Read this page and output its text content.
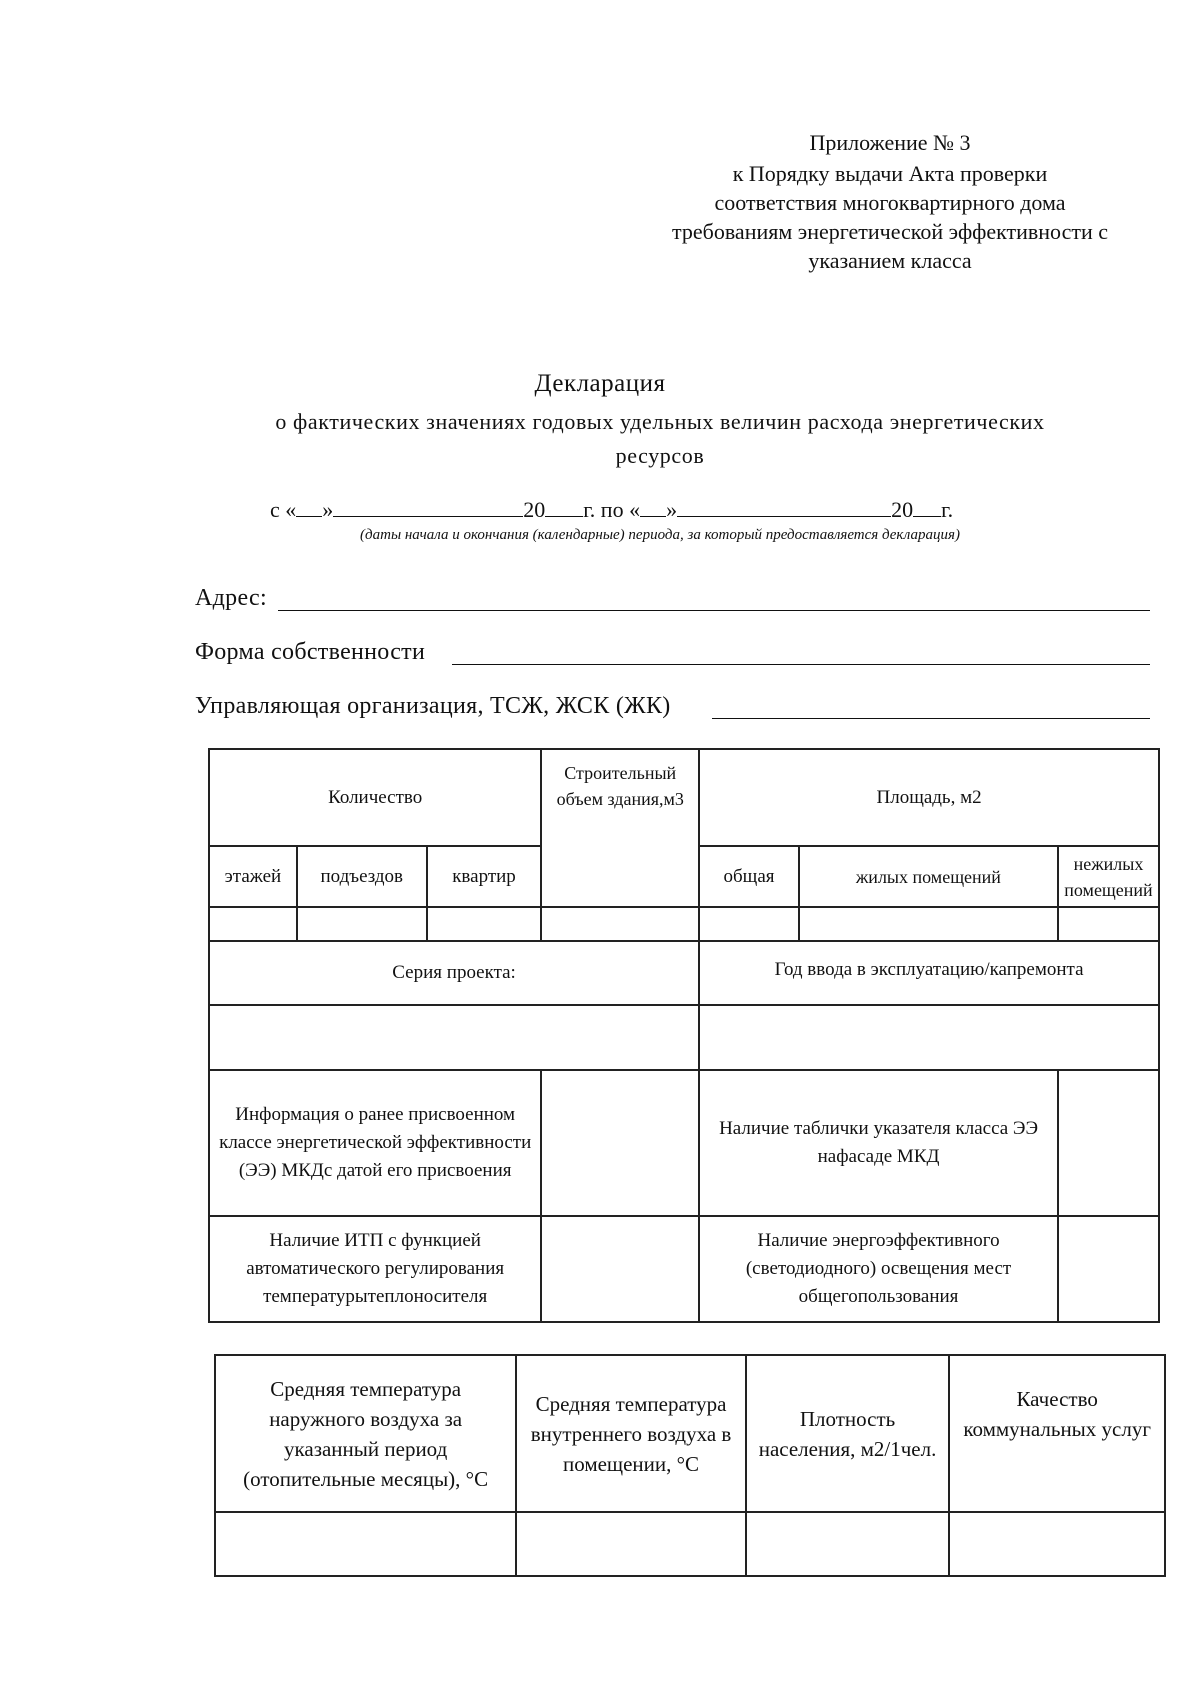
Приложение № 3
к Порядку выдачи Акта проверки
соответствия многоквартирного дома
требованиям энергетической эффективности с
указанием класса
Декларация
о фактических значениях годовых удельных величин расхода энергетических
ресурсов
с « »	20 г. по « »	20 г.
(даты начала и окончания (календарные) периода, за который предоставляется декларация)
Адрес:
Форма собственности
Управляющая организация, ТСЖ, ЖСК (ЖК)
Количество			Строительный объем здания,м3	Площадь, м2		
этажей	подъездов	квартир		общая	жилых помещений	нежилых помещений

Серия проекта:				Год ввода в эксплуатацию/капремонта		

Информация о ранее присвоенном классе энергетической эффективности (ЭЭ) МКДс датой его присвоения				Наличие таблички указателя класса ЭЭ нафасаде МКД		
Наличие ИТП с функцией автоматического регулирования температурытеплоносителя				Наличие энергоэффективного (светодиодного) освещения мест общегопользования		
Средняя температура наружного воздуха за указанный период (отопительные месяцы), °С	Средняя температура внутреннего воздуха в помещении, °С	Плотность населения, м2/1чел.	Качество коммунальных услуг
